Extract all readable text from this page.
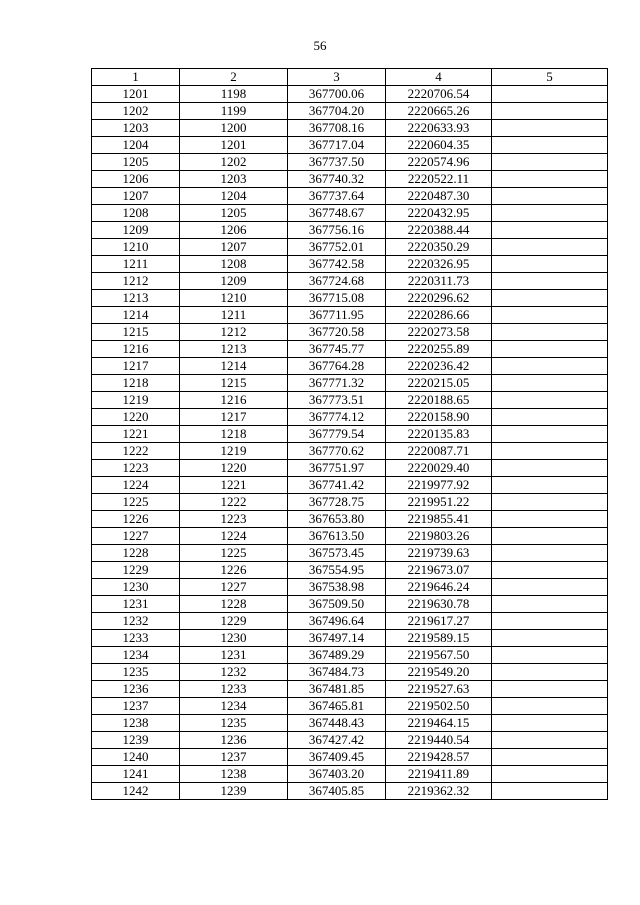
56
1	2	3	4	5
1201	1198	367700.06	2220706.54	
1202	1199	367704.20	2220665.26	
1203	1200	367708.16	2220633.93	
1204	1201	367717.04	2220604.35	
1205	1202	367737.50	2220574.96	
1206	1203	367740.32	2220522.11	
1207	1204	367737.64	2220487.30	
1208	1205	367748.67	2220432.95	
1209	1206	367756.16	2220388.44	
1210	1207	367752.01	2220350.29	
1211	1208	367742.58	2220326.95	
1212	1209	367724.68	2220311.73	
1213	1210	367715.08	2220296.62	
1214	1211	367711.95	2220286.66	
1215	1212	367720.58	2220273.58	
1216	1213	367745.77	2220255.89	
1217	1214	367764.28	2220236.42	
1218	1215	367771.32	2220215.05	
1219	1216	367773.51	2220188.65	
1220	1217	367774.12	2220158.90	
1221	1218	367779.54	2220135.83	
1222	1219	367770.62	2220087.71	
1223	1220	367751.97	2220029.40	
1224	1221	367741.42	2219977.92	
1225	1222	367728.75	2219951.22	
1226	1223	367653.80	2219855.41	
1227	1224	367613.50	2219803.26	
1228	1225	367573.45	2219739.63	
1229	1226	367554.95	2219673.07	
1230	1227	367538.98	2219646.24	
1231	1228	367509.50	2219630.78	
1232	1229	367496.64	2219617.27	
1233	1230	367497.14	2219589.15	
1234	1231	367489.29	2219567.50	
1235	1232	367484.73	2219549.20	
1236	1233	367481.85	2219527.63	
1237	1234	367465.81	2219502.50	
1238	1235	367448.43	2219464.15	
1239	1236	367427.42	2219440.54	
1240	1237	367409.45	2219428.57	
1241	1238	367403.20	2219411.89	
1242	1239	367405.85	2219362.32	
